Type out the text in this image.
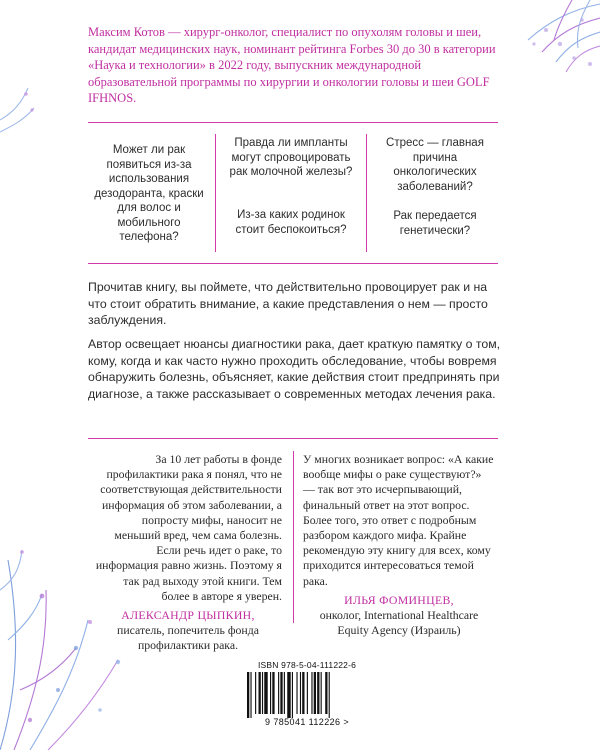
Максим Котов — хирург-онколог, специалист по опухолям головы и шеи, кандидат медицинских наук, номинант рейтинга Forbes 30 до 30 в категории «Наука и технологии» в 2022 году, выпускник международной образовательной программы по хирургии и онкологии головы и шеи GOLF IFHNOS.
Может ли рак появиться из-за использования дезодоранта, краски для волос и мобильного телефона?
Правда ли импланты могут спровоцировать рак молочной железы?
Из-за каких родинок стоит беспокоиться?
Стресс — главная причина онкологических заболеваний?
Рак передается генетически?
Прочитав книгу, вы поймете, что действительно провоцирует рак и на что стоит обратить внимание, а какие представления о нем — просто заблуждения.
Автор освещает нюансы диагностики рака, дает краткую памятку о том, кому, когда и как часто нужно проходить обследование, чтобы вовремя обнаружить болезнь, объясняет, какие действия стоит предпринять при диагнозе, а также рассказывает о современных методах лечения рака.
За 10 лет работы в фонде профилактики рака я понял, что не соответствующая действительности информация об этом заболевании, а попросту мифы, наносит не меньший вред, чем сама болезнь. Если речь идет о раке, то информация равно жизнь. Поэтому я так рад выходу этой книги. Тем более в авторе я уверен.
АЛЕКСАНДР ЦЫПКИН,
писатель, попечитель фонда профилактики рака.
У многих возникает вопрос: «А какие вообще мифы о раке существуют?» — так вот это исчерпывающий, финальный ответ на этот вопрос. Более того, это ответ с подробным разбором каждого мифа. Крайне рекомендую эту книгу для всех, кому приходится интересоваться темой рака.
ИЛЬЯ ФОМИНЦЕВ,
онколог, International Healthcare Equity Agency (Израиль)
ISBN 978-5-04-111222-6
9 785041 112226 >
